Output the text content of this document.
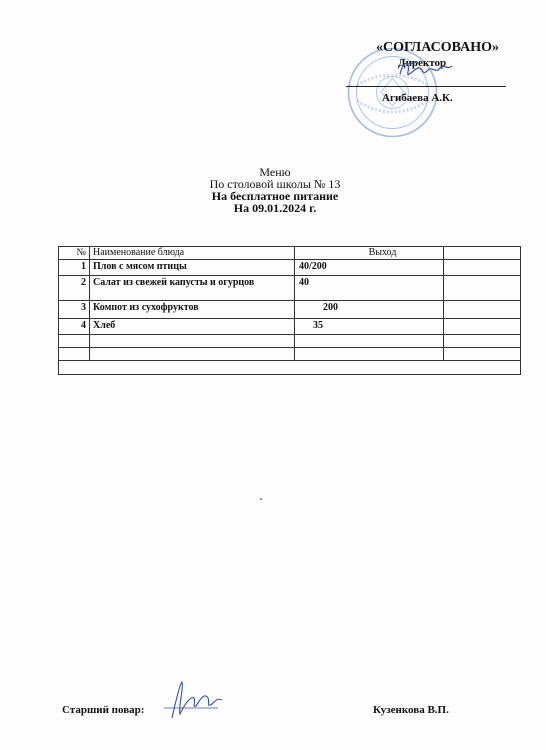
«СОГЛАСОВАНО»
Директор
Агибаева А.К.
Меню
По столовой школы № 13
На бесплатное питание
На 09.01.2024 г.
№	Наименование блюда	Выход	
1	Плов с мясом птицы	40/200	
2	Салат из свежей капусты и огурцов	40	
3	Компот из сухофруктов	200	
4	Хлеб	35	

Старший повар:	Кузенкова В.П.
